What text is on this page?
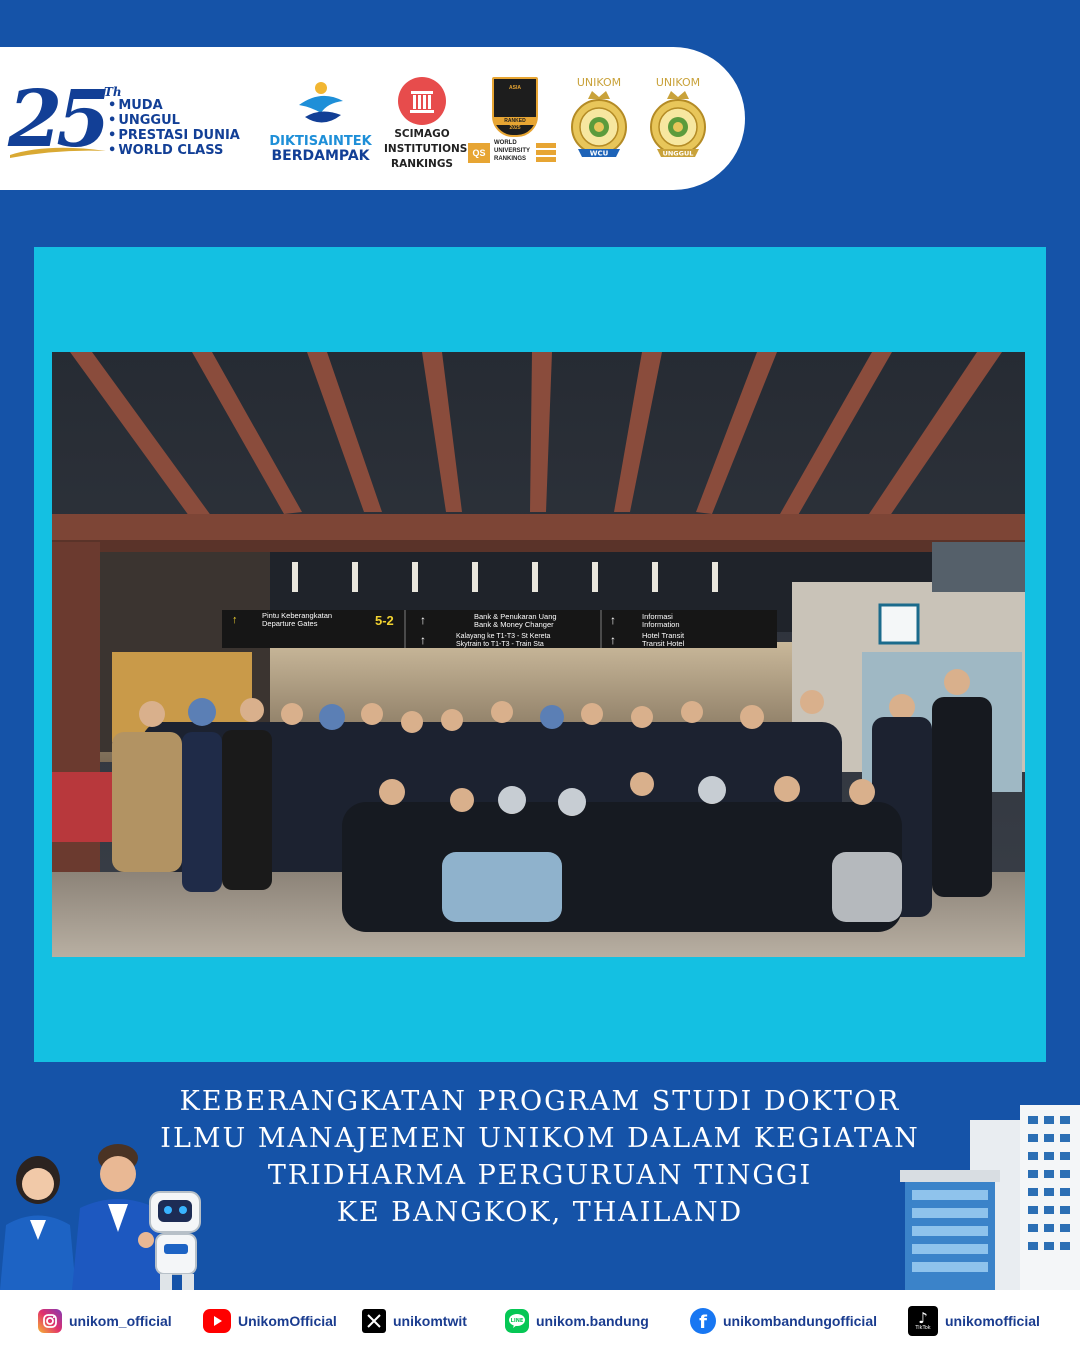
25 Th
• MUDA
• UNGGUL
• PRESTASI DUNIA
• WORLD CLASS
DIKTISAINTEK
BERDAMPAK
SCIMAGO
INSTITUTIONS
RANKINGS
ASIA
RANKED
2025
QS
WORLD
UNIVERSITY
RANKINGS
UNIKOM
WCU
UNIKOM
UNGGUL
↑	Pintu Keberangkatan
Departure Gates	5-2 ↑	Bank & Penukaran Uang
Bank & Money Changer
↑	Kalayang ke T1-T3 - St Kereta
Skytrain to T1-T3 - Train Sta
↑	Informasi
Information
↑	Hotel Transit
Transit Hotel
KEBERANGKATAN PROGRAM STUDI DOKTOR
ILMU MANAJEMEN UNIKOM DALAM KEGIATAN
TRIDHARMA PERGURUAN TINGGI
KE BANGKOK, THAILAND
unikom_official	UnikomOfficial	unikomtwit	LINE unikom.bandung	f unikombandungofficial	♪
TikTok unikomofficial
